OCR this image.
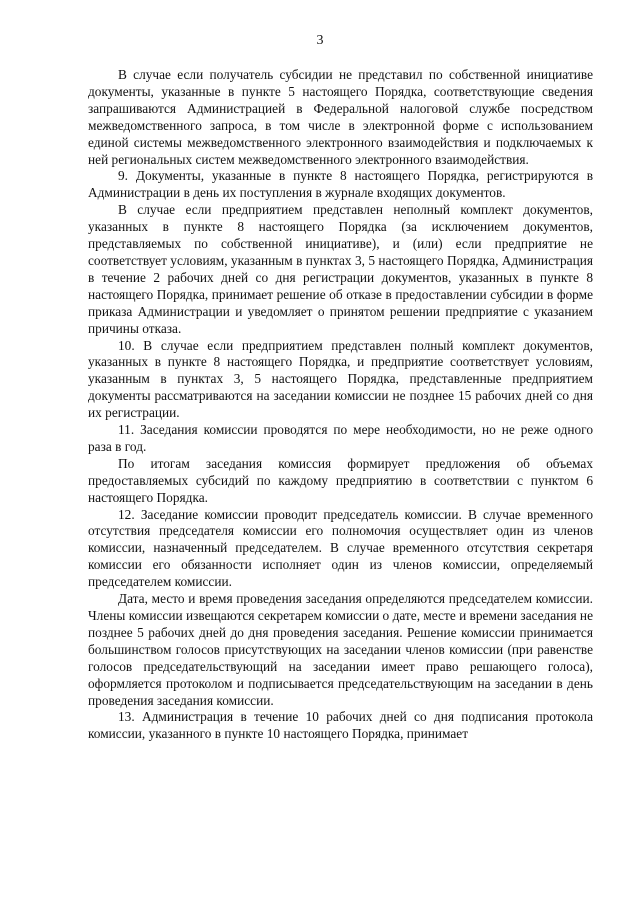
3

В случае если получатель субсидии не представил по собственной инициативе документы, указанные в пункте 5 настоящего Порядка, соответствующие сведения запрашиваются Администрацией в Федеральной налоговой службе посредством межведомственного запроса, в том числе в электронной форме с использованием единой системы межведомственного электронного взаимодействия и подключаемых к ней региональных систем межведомственного электронного взаимодействия.

9. Документы, указанные в пункте 8 настоящего Порядка, регистрируются в Администрации в день их поступления в журнале входящих документов.

В случае если предприятием представлен неполный комплект документов, указанных в пункте 8 настоящего Порядка (за исключением документов, представляемых по собственной инициативе), и (или) если предприятие не соответствует условиям, указанным в пунктах 3, 5 настоящего Порядка, Администрация в течение 2 рабочих дней со дня регистрации документов, указанных в пункте 8 настоящего Порядка, принимает решение об отказе в предоставлении субсидии в форме приказа Администрации и уведомляет о принятом решении предприятие с указанием причины отказа.

10. В случае если предприятием представлен полный комплект документов, указанных в пункте 8 настоящего Порядка, и предприятие соответствует условиям, указанным в пунктах 3, 5 настоящего Порядка, представленные предприятием документы рассматриваются на заседании комиссии не позднее 15 рабочих дней со дня их регистрации.

11. Заседания комиссии проводятся по мере необходимости, но не реже одного раза в год.

По итогам заседания комиссия формирует предложения об объемах предоставляемых субсидий по каждому предприятию в соответствии с пунктом 6 настоящего Порядка.

12. Заседание комиссии проводит председатель комиссии. В случае временного отсутствия председателя комиссии его полномочия осуществляет один из членов комиссии, назначенный председателем. В случае временного отсутствия секретаря комиссии его обязанности исполняет один из членов комиссии, определяемый председателем комиссии.

Дата, место и время проведения заседания определяются председателем комиссии. Члены комиссии извещаются секретарем комиссии о дате, месте и времени заседания не позднее 5 рабочих дней до дня проведения заседания. Решение комиссии принимается большинством голосов присутствующих на заседании членов комиссии (при равенстве голосов председательствующий на заседании имеет право решающего голоса), оформляется протоколом и подписывается председательствующим на заседании в день проведения заседания комиссии.

13. Администрация в течение 10 рабочих дней со дня подписания протокола комиссии, указанного в пункте 10 настоящего Порядка, принимает
